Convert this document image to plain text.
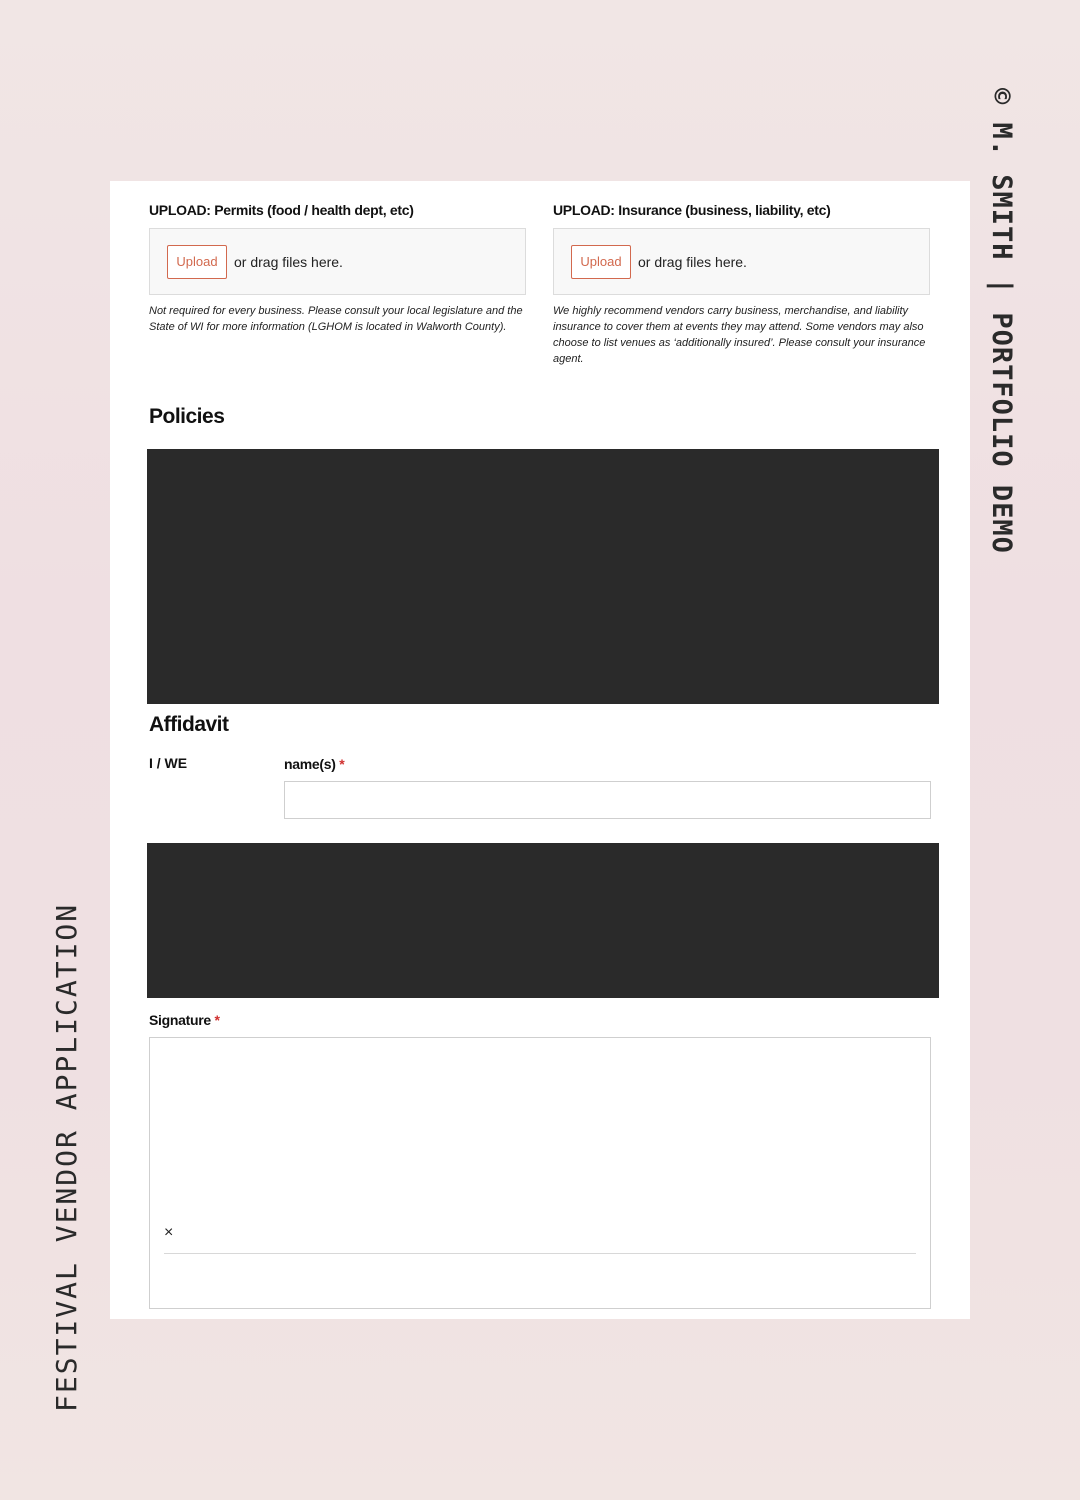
© M. SMITH | PORTFOLIO DEMO
FESTIVAL VENDOR APPLICATION
UPLOAD: Permits (food / health dept, etc)
Upload	or drag files here.
Not required for every business. Please consult your local legislature and the State of WI for more information (LGHOM is located in Walworth County).
UPLOAD: Insurance (business, liability, etc)
Upload	or drag files here.
We highly recommend vendors carry business, merchandise, and liability insurance to cover them at events they may attend. Some vendors may also choose to list venues as ‘additionally insured’. Please consult your insurance agent.
Policies
Affidavit
I / WE	name(s) *
Signature *
×
